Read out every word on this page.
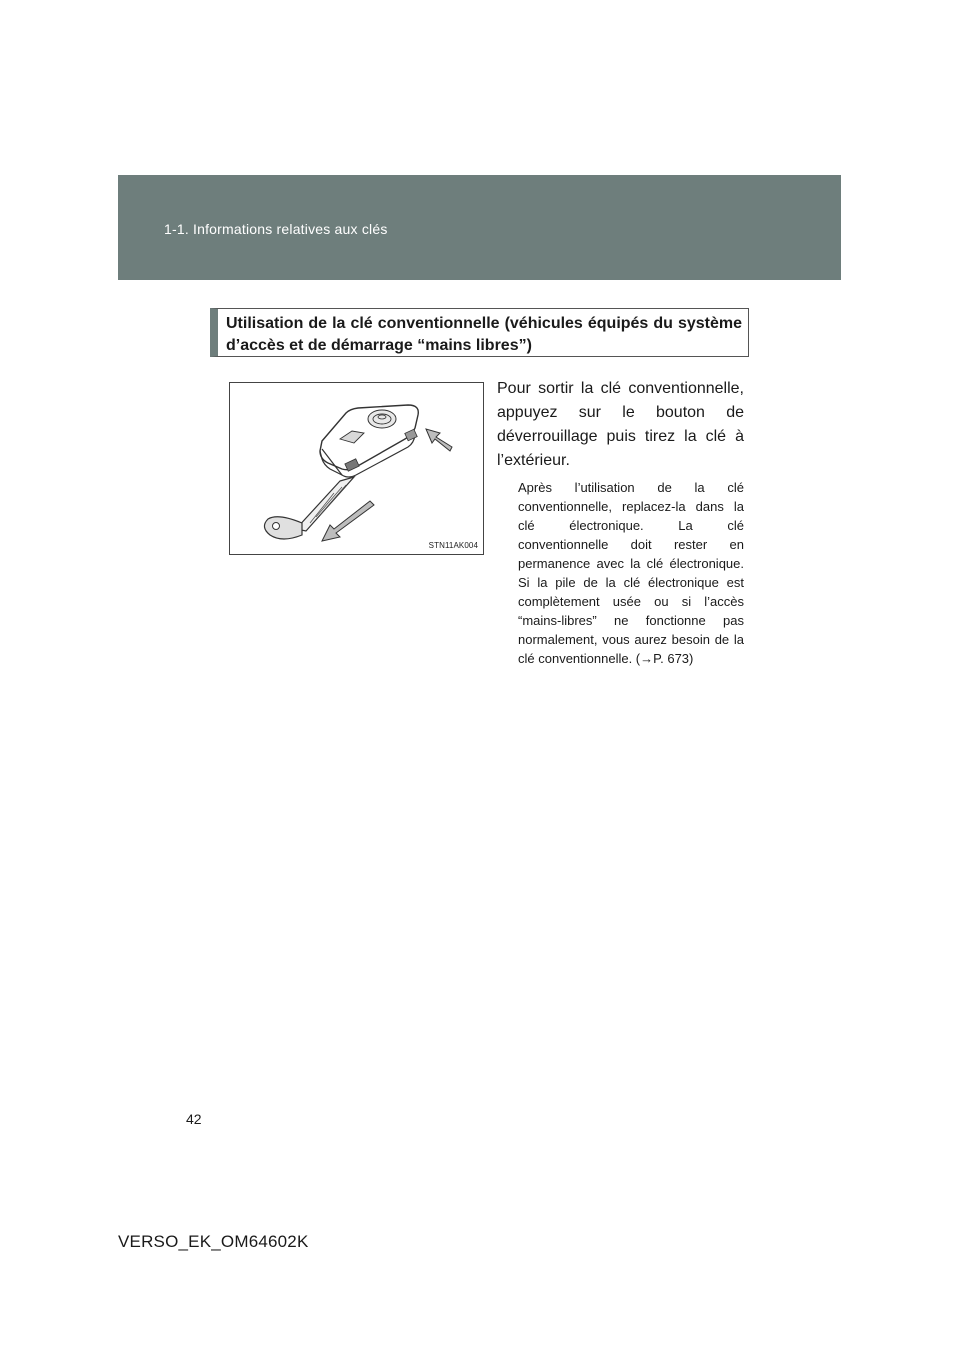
1-1. Informations relatives aux clés
Utilisation de la clé conventionnelle (véhicules équipés du système d’accès et de démarrage “mains libres”)
STN11AK004
Pour sortir la clé conventionnelle, appuyez sur le bouton de déverrouillage puis tirez la clé à l’extérieur.
Après l’utilisation de la clé conventionnelle, replacez-la dans la clé électronique. La clé conventionnelle doit rester en permanence avec la clé électronique. Si la pile de la clé électronique est complètement usée ou si l’accès “mains-libres” ne fonctionne pas normalement, vous aurez besoin de la clé conventionnelle. (→P. 673)
42
VERSO_EK_OM64602K
